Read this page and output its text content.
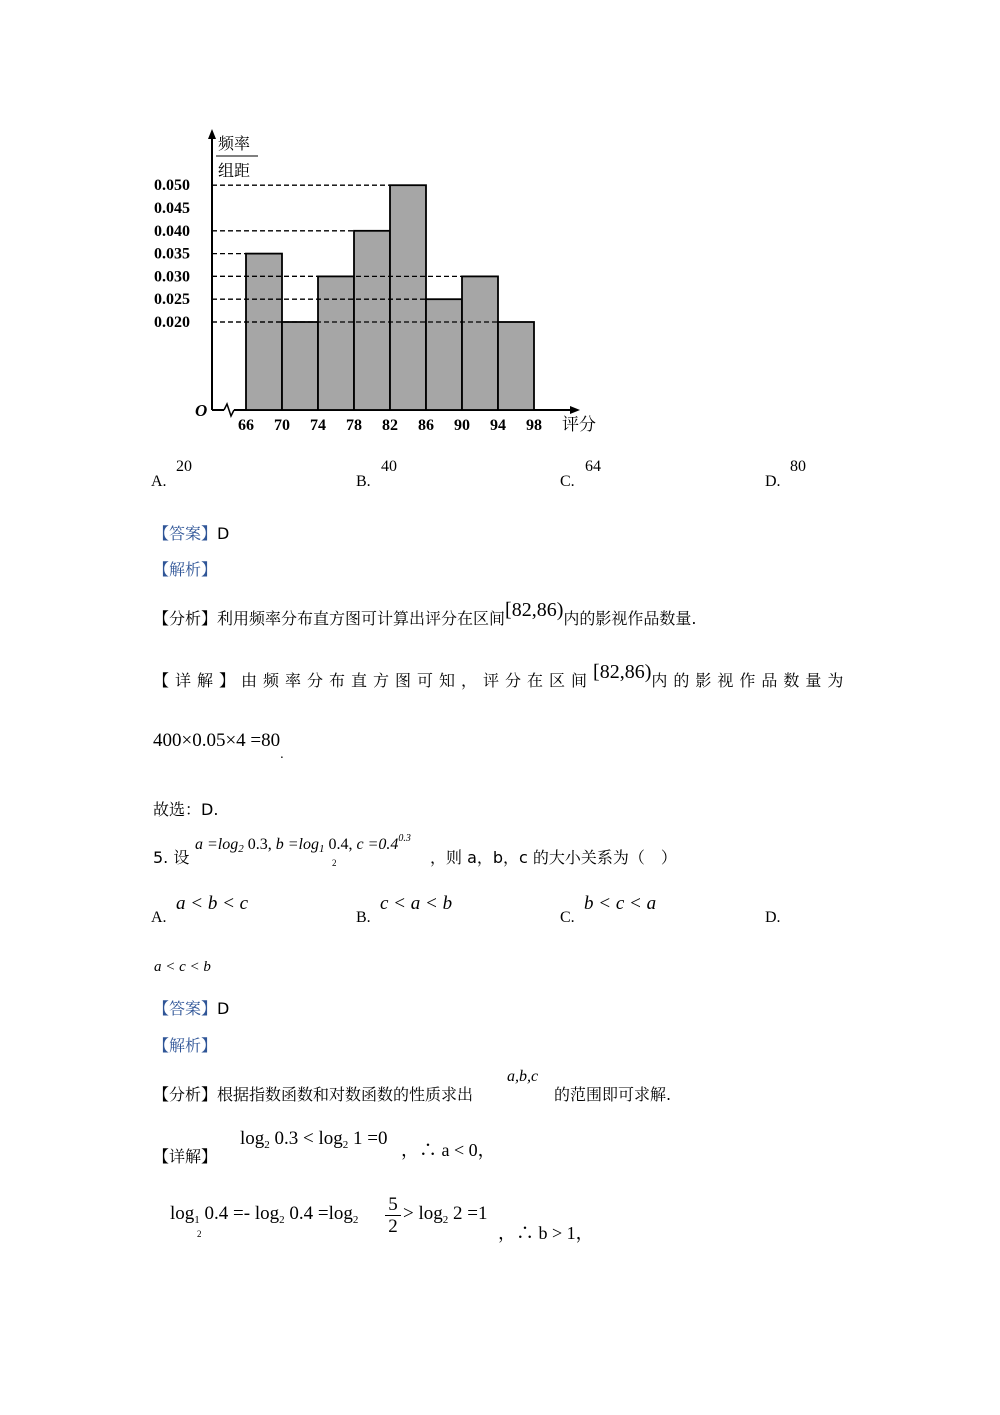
0.050
0.045
0.040
0.035
0.030
0.025
0.020
66 70 74 78 82 86 90 94 98
O
评分
频率
组距
A.
20
B.
40
C.
64
D.
80
【答案】D
【解析】
【分析】利用频率分布直方图可计算出评分在区间[82,86)内的影视作品数量.
【详解】由频率分布直方图可知，评分在区间[82,86)内的影视作品数量为
$400\times 0.05\times 4 =80_.$
故选：D.
5. 设
a =log2 0.3, b =log1 0.4, $c =0.4^{0.3}$
2	，则 a，b，c 的大小关系为（　）
A.
a < b < c
B.
c < a < b
C.
b < c < a
D.
a < c < b
【答案】D
【解析】
【分析】 根据指数函数和对数函数的性质求出
a,b,c
的范围即可求解.
【详解】
$\log_2 0.3 < \log_2 1 =0$
，∴ a < 0，
$\log_1 0.4 =- \log_2 0.4 =\log_2$
2	$\frac{5}{2} > \log_2 2 =1$
，∴ b > 1，
